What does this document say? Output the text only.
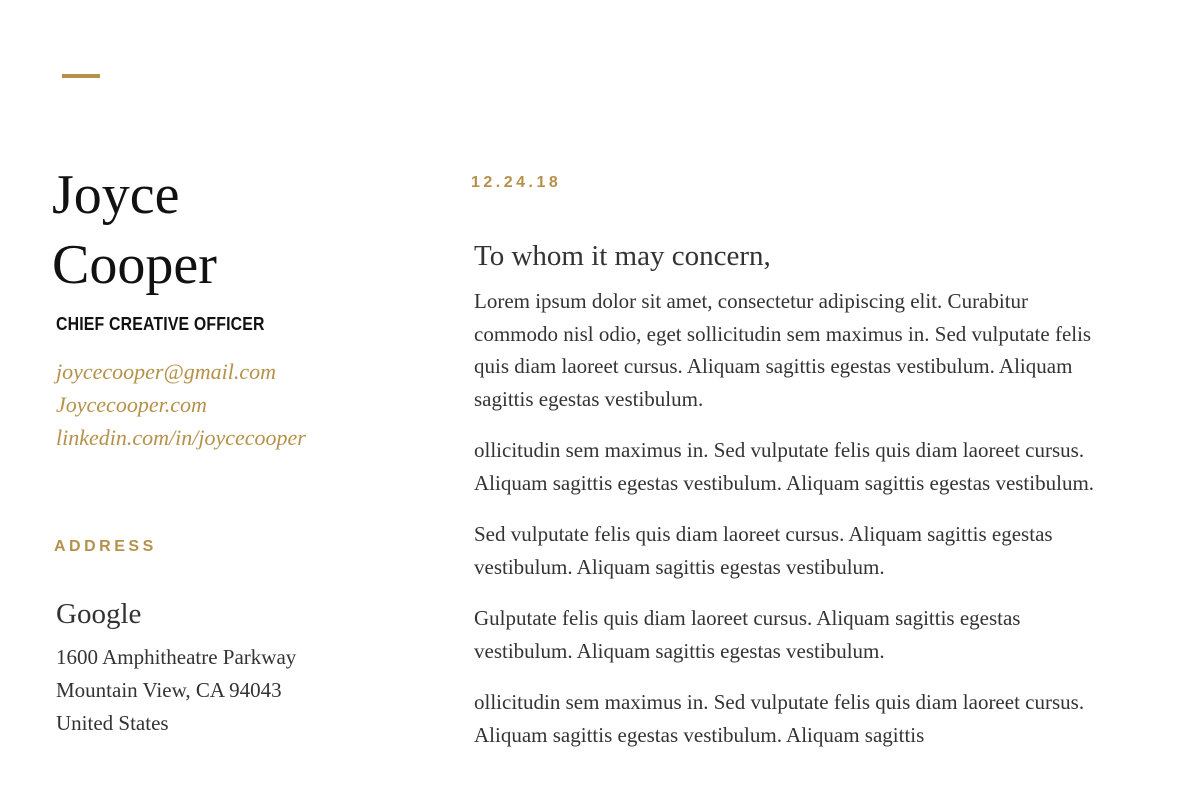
Joyce
Cooper
CHIEF CREATIVE OFFICER
joycecooper@gmail.com
Joycecooper.com
linkedin.com/in/joycecooper
ADDRESS
Google
1600 Amphitheatre Parkway
Mountain View, CA 94043
United States
12.24.18
To whom it may concern,

Lorem ipsum dolor sit amet, consectetur adipiscing elit. Curabitur commodo nisl odio, eget sollicitudin sem maximus in. Sed vulputate felis quis diam laoreet cursus. Aliquam sagittis egestas vestibulum. Aliquam sagittis egestas vestibulum.

ollicitudin sem maximus in. Sed vulputate felis quis diam laoreet cursus. Aliquam sagittis egestas vestibulum. Aliquam sagittis egestas vestibulum.

Sed vulputate felis quis diam laoreet cursus. Aliquam sagittis egestas vestibulum. Aliquam sagittis egestas vestibulum.

Gulputate felis quis diam laoreet cursus. Aliquam sagittis egestas vestibulum. Aliquam sagittis egestas vestibulum.

ollicitudin sem maximus in. Sed vulputate felis quis diam laoreet cursus. Aliquam sagittis egestas vestibulum. Aliquam sagittis
